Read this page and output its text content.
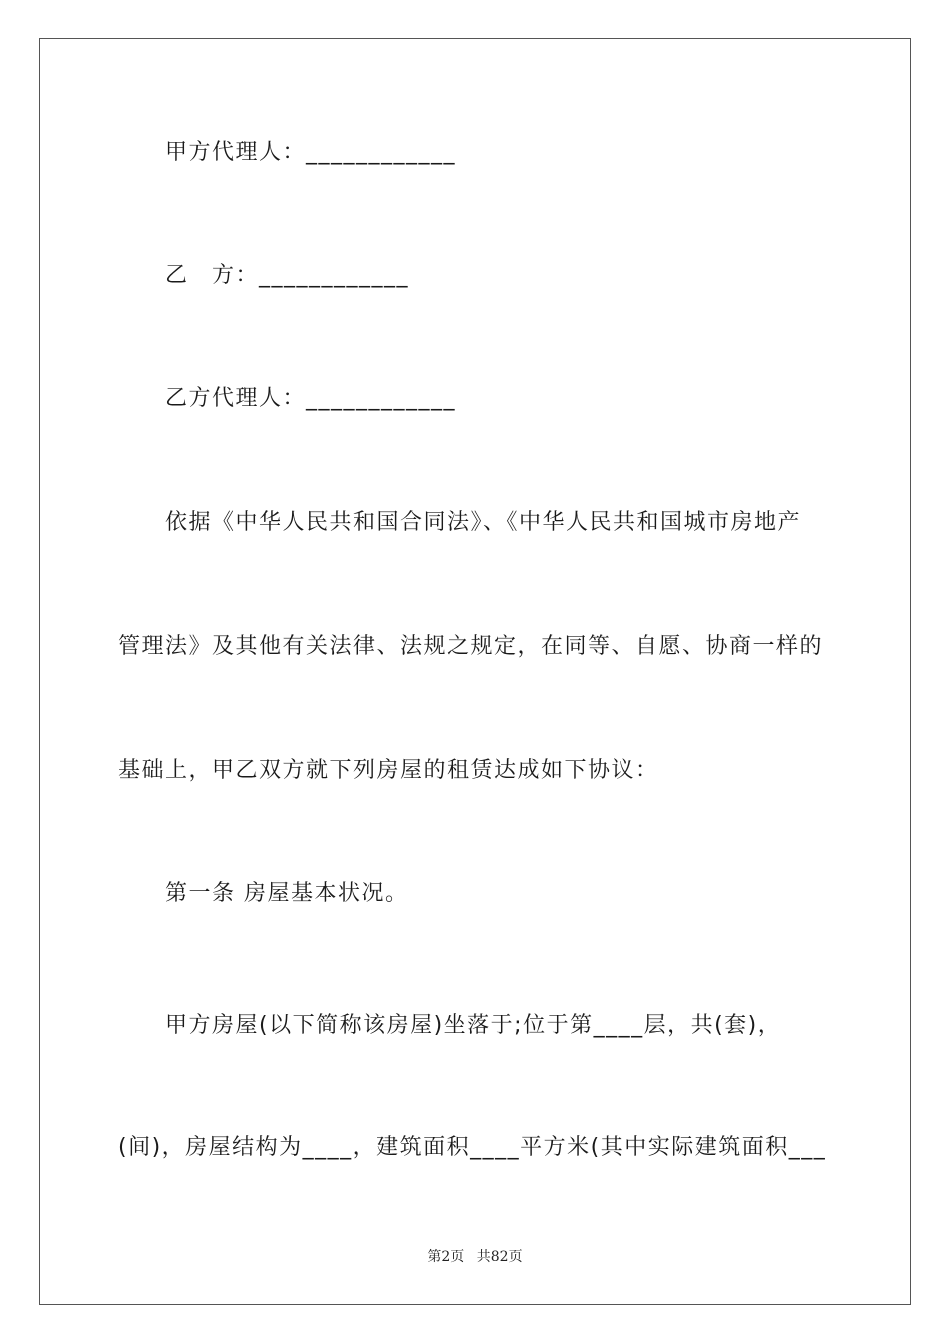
甲方代理人：____________
乙　方：____________
乙方代理人：____________
依据《中华人民共和国合同法》、《中华人民共和国城市房地产
管理法》及其他有关法律、法规之规定，在同等、自愿、协商一样的
基础上，甲乙双方就下列房屋的租赁达成如下协议：
第一条 房屋基本状况。
甲方房屋(以下简称该房屋)坐落于;位于第____层，共(套)，
(间)，房屋结构为____，建筑面积____平方米(其中实际建筑面积___
第2页 共82页
